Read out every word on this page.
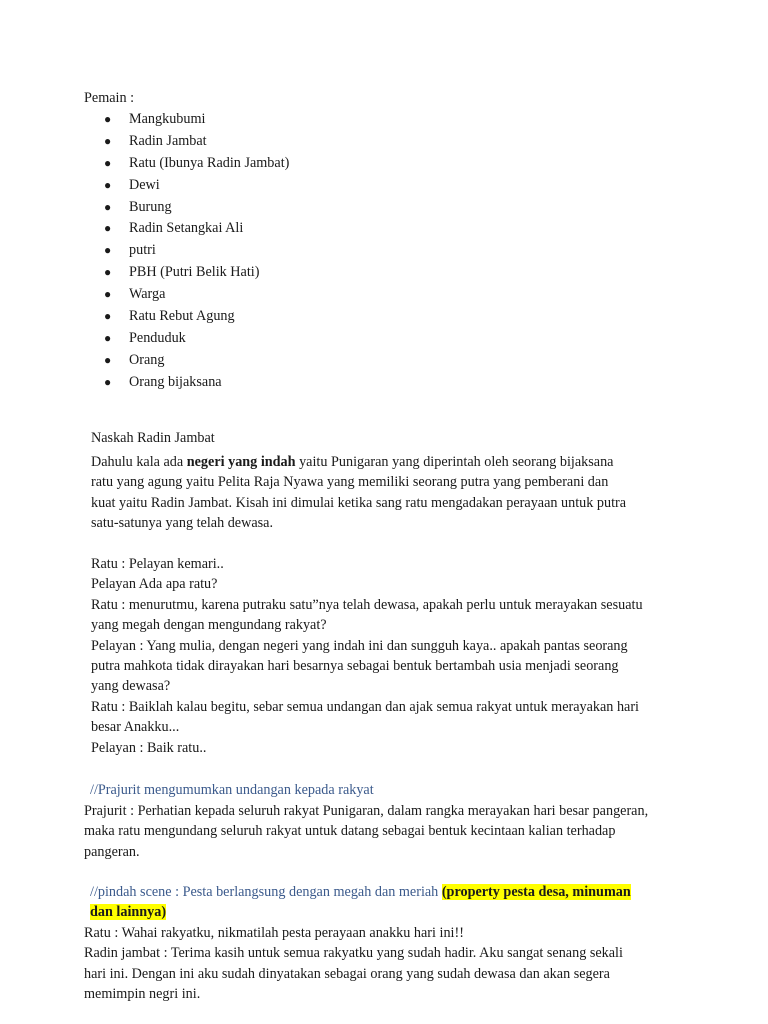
Pemain :
● Mangkubumi
● Radin Jambat
● Ratu (Ibunya Radin Jambat)
● Dewi
● Burung
● Radin Setangkai Ali
● putri
● PBH (Putri Belik Hati)
● Warga
● Ratu Rebut Agung
● Penduduk
● Orang
● Orang bijaksana
Naskah Radin Jambat
Dahulu kala ada negeri yang indah yaitu Punigaran yang diperintah oleh seorang bijaksana
ratu yang agung yaitu Pelita Raja Nyawa yang memiliki seorang putra yang pemberani dan
kuat yaitu Radin Jambat. Kisah ini dimulai ketika sang ratu mengadakan perayaan untuk putra
satu-satunya yang telah dewasa.
Ratu : Pelayan kemari..
Pelayan Ada apa ratu?
Ratu : menurutmu, karena putraku satu”nya telah dewasa, apakah perlu untuk merayakan sesuatu
yang megah dengan mengundang rakyat?
Pelayan : Yang mulia, dengan negeri yang indah ini dan sungguh kaya.. apakah pantas seorang
putra mahkota tidak dirayakan hari besarnya sebagai bentuk bertambah usia menjadi seorang
yang dewasa?
Ratu : Baiklah kalau begitu, sebar semua undangan dan ajak semua rakyat untuk merayakan hari
besar Anakku...
Pelayan : Baik ratu..
//Prajurit mengumumkan undangan kepada rakyat
Prajurit : Perhatian kepada seluruh rakyat Punigaran, dalam rangka merayakan hari besar pangeran,
maka ratu mengundang seluruh rakyat untuk datang sebagai bentuk kecintaan kalian terhadap
pangeran.
//pindah scene : Pesta berlangsung dengan megah dan meriah (property pesta desa, minuman
dan lainnya)
Ratu : Wahai rakyatku, nikmatilah pesta perayaan anakku hari ini!!
Radin jambat : Terima kasih untuk semua rakyatku yang sudah hadir. Aku sangat senang sekali
hari ini. Dengan ini aku sudah dinyatakan sebagai orang yang sudah dewasa dan akan segera
memimpin negri ini.
